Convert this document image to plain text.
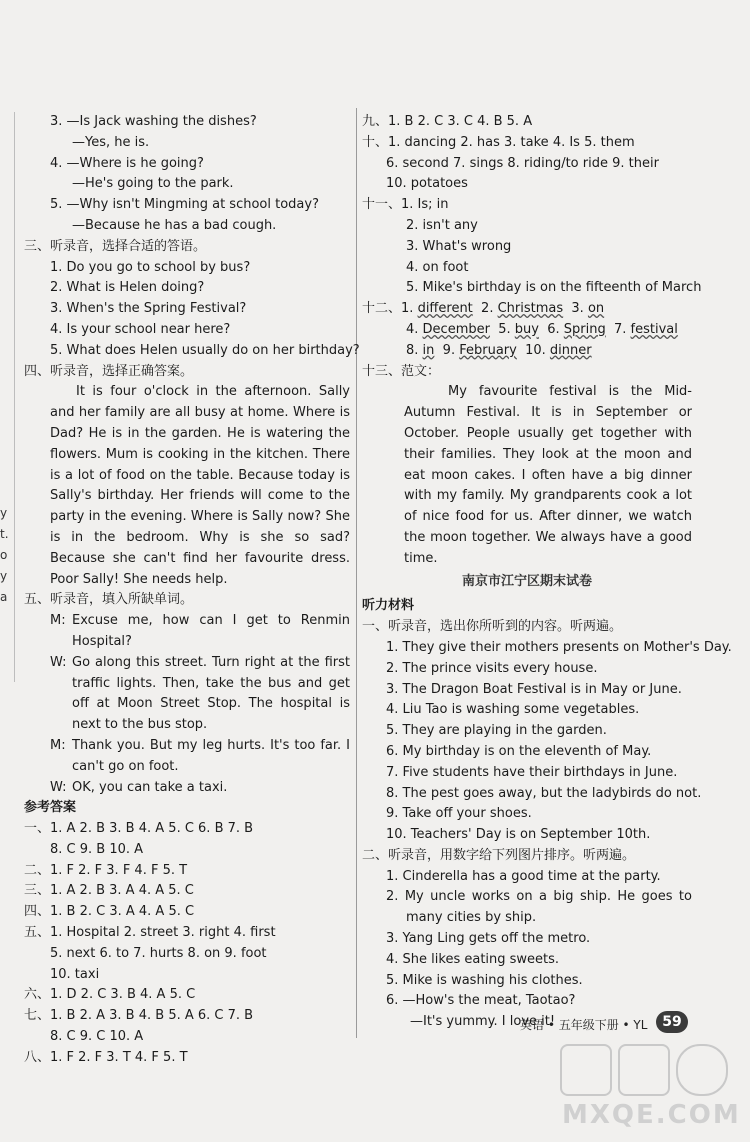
y
t.
o
y
a
3. —Is Jack washing the dishes?
—Yes, he is.
4. —Where is he going?
—He's going to the park.
5. —Why isn't Mingming at school today?
—Because he has a bad cough.
三、听录音，选择合适的答语。
1. Do you go to school by bus?
2. What is Helen doing?
3. When's the Spring Festival?
4. Is your school near here?
5. What does Helen usually do on her birthday?
四、听录音，选择正确答案。
It is four o'clock in the afternoon. Sally and her family are all busy at home. Where is Dad? He is in the garden. He is watering the flowers. Mum is cooking in the kitchen. There is a lot of food on the table. Because today is Sally's birthday. Her friends will come to the party in the evening. Where is Sally now? She is in the bedroom. Why is she so sad? Because she can't find her favourite dress. Poor Sally! She needs help.
五、听录音，填入所缺单词。
M: Excuse me, how can I get to Renmin Hospital?
W: Go along this street. Turn right at the first traffic lights. Then, take the bus and get off at Moon Street Stop. The hospital is next to the bus stop.
M: Thank you. But my leg hurts. It's too far. I can't go on foot.
W: OK, you can take a taxi.
参考答案
一、1. A 2. B 3. B 4. A 5. C 6. B 7. B
8. C 9. B 10. A
二、1. F 2. F 3. F 4. F 5. T
三、1. A 2. B 3. A 4. A 5. C
四、1. B 2. C 3. A 4. A 5. C
五、1. Hospital 2. street 3. right 4. first
5. next 6. to 7. hurts 8. on 9. foot
10. taxi
六、1. D 2. C 3. B 4. A 5. C
七、1. B 2. A 3. B 4. B 5. A 6. C 7. B
8. C 9. C 10. A
八、1. F 2. F 3. T 4. F 5. T
九、1. B 2. C 3. C 4. B 5. A
十、1. dancing 2. has 3. take 4. Is 5. them
6. second 7. sings 8. riding/to ride 9. their
10. potatoes
十一、1. Is; in
2. isn't any
3. What's wrong
4. on foot
5. Mike's birthday is on the fifteenth of March
十二、1. different 2. Christmas 3. on
4. December 5. buy 6. Spring 7. festival
8. in 9. February 10. dinner
十三、范文：
My favourite festival is the Mid-Autumn Festival. It is in September or October. People usually get together with their families. They look at the moon and eat moon cakes. I often have a big dinner with my family. My grandparents cook a lot of nice food for us. After dinner, we watch the moon together. We always have a good time.
南京市江宁区期末试卷
听力材料
一、听录音，选出你所听到的内容。听两遍。
1. They give their mothers presents on Mother's Day.
2. The prince visits every house.
3. The Dragon Boat Festival is in May or June.
4. Liu Tao is washing some vegetables.
5. They are playing in the garden.
6. My birthday is on the eleventh of May.
7. Five students have their birthdays in June.
8. The pest goes away, but the ladybirds do not.
9. Take off your shoes.
10. Teachers' Day is on September 10th.
二、听录音，用数字给下列图片排序。听两遍。
1. Cinderella has a good time at the party.
2. My uncle works on a big ship. He goes to many cities by ship.
3. Yang Ling gets off the metro.
4. She likes eating sweets.
5. Mike is washing his clothes.
6. —How's the meat, Taotao?
—It's yummy. I love it!
英语 • 五年级下册 • YL	59
MXQE.COM
